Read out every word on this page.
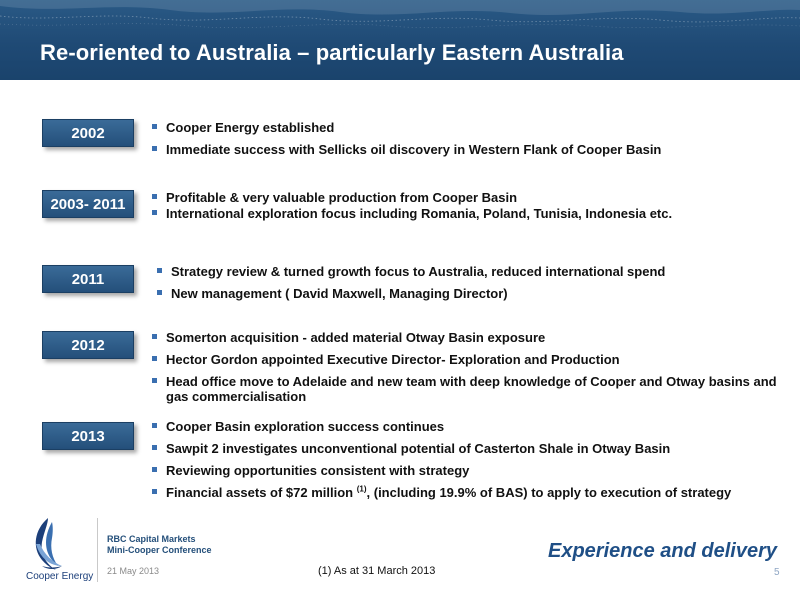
Re-oriented to Australia – particularly Eastern Australia
2002	Cooper Energy established
Immediate success with Sellicks oil discovery in Western Flank of Cooper Basin
2003- 2011	Profitable & very valuable production from Cooper Basin
International exploration focus including Romania, Poland, Tunisia, Indonesia etc.
2011	Strategy review & turned growth focus to Australia, reduced international spend
New management ( David Maxwell, Managing Director)
2012	Somerton acquisition - added material Otway Basin exposure
Hector Gordon appointed Executive Director- Exploration and Production
Head office move to Adelaide and new team with deep knowledge of Cooper and Otway basins and gas commercialisation
2013
Cooper Basin exploration success continues
Sawpit 2 investigates unconventional potential of Casterton Shale in Otway Basin
Reviewing opportunities consistent with strategy
Financial assets of $72 million $^{(1)}$, (including 19.9% of BAS) to apply to execution of strategy
Cooper Energy
RBC Capital Markets
Mini-Cooper Conference
21 May 2013	(1) As at 31 March 2013
Experience and delivery
5
